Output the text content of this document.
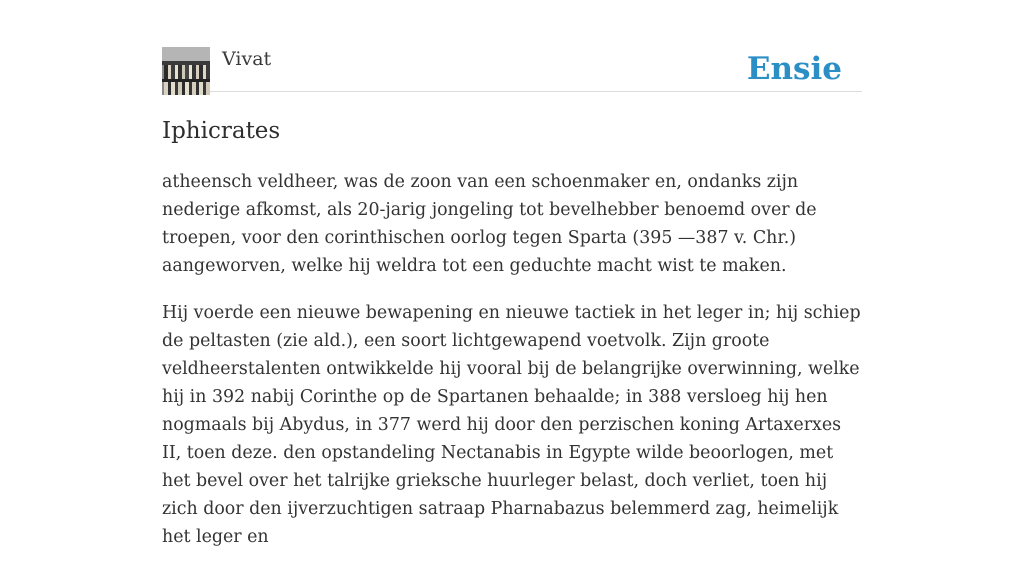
Vivat	Ensie
Iphicrates

atheensch veldheer, was de zoon van een schoenmaker en, ondanks zijn nederige afkomst, als 20-jarig jongeling tot bevelhebber benoemd over de troepen, voor den corinthischen oorlog tegen Sparta (395 —387 v. Chr.) aangeworven, welke hij weldra tot een geduchte macht wist te maken.

Hij voerde een nieuwe bewapening en nieuwe tactiek in het leger in; hij schiep de peltasten (zie ald.), een soort lichtgewapend voetvolk. Zijn groote veldheerstalenten ontwikkelde hij vooral bij de belangrijke overwinning, welke hij in 392 nabij Corinthe op de Spartanen behaalde; in 388 versloeg hij hen nogmaals bij Abydus, in 377 werd hij door den perzischen koning Artaxerxes II, toen deze. den opstandeling Nectanabis in Egypte wilde beoorlogen, met het bevel over het talrijke grieksche huurleger belast, doch verliet, toen hij zich door den ijverzuchtigen satraap Pharnabazus belemmerd zag, heimelijk het leger en
